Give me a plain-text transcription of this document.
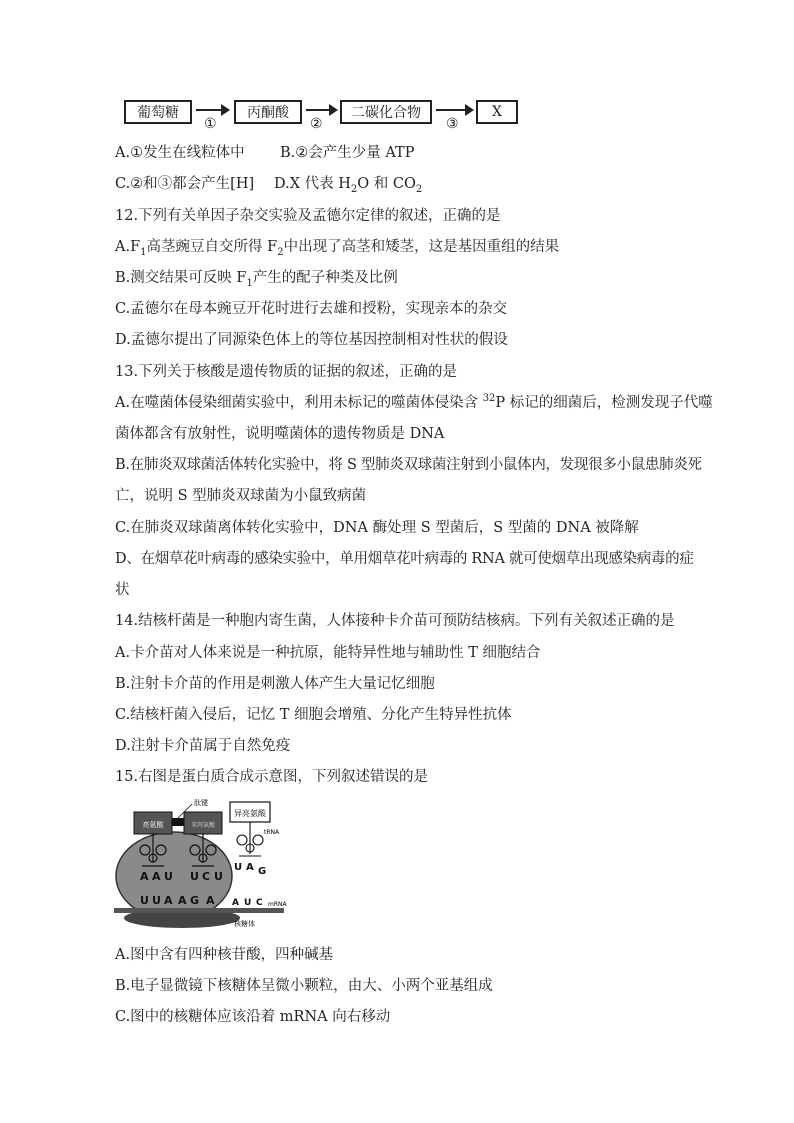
葡萄糖
①
丙酮酸
②
二碳化合物
③
X
A.①发生在线粒体中 B.②会产生少量 ATP
C.②和③都会产生[H] D.X 代表 $H_2O$ 和 $CO_2$
12.下列有关单因子杂交实验及孟德尔定律的叙述，正确的是
$A.F_1$高茎豌豆自交所得 $F_2$中出现了高茎和矮茎，这是基因重组的结果
B.测交结果可反映 $F_1$产生的配子种类及比例
C.孟德尔在母本豌豆开花时进行去雄和授粉，实现亲本的杂交
D.孟德尔提出了同源染色体上的等位基因控制相对性状的假设
13.下列关于核酸是遗传物质的证据的叙述，正确的是
A.在噬菌体侵染细菌实验中，利用未标记的噬菌体侵染含 $^{32}$P 标记的细菌后，检测发现子代噬
菌体都含有放射性，说明噬菌体的遗传物质是 DNA
B.在肺炎双球菌活体转化实验中，将 S 型肺炎双球菌注射到小鼠体内，发现很多小鼠患肺炎死
亡，说明 S 型肺炎双球菌为小鼠致病菌
C.在肺炎双球菌离体转化实验中，DNA 酶处理 S 型菌后，S 型菌的 DNA 被降解
D、在烟草花叶病毒的感染实验中，单用烟草花叶病毒的 RNA 就可使烟草出现感染病毒的症
状
14.结核杆菌是一种胞内寄生菌，人体接种卡介苗可预防结核病。下列有关叙述正确的是
A.卡介苗对人体来说是一种抗原，能特异性地与辅助性 T 细胞结合
B.注射卡介苗的作用是刺激人体产生大量记忆细胞
C.结核杆菌入侵后，记忆 T 细胞会增殖、分化产生特异性抗体
D.注射卡介苗属于自然免疫
15.右图是蛋白质合成示意图，下列叙述错误的是
亮氨酸	苯丙氨酸
肽键
A A U U C U
U U A A G A A U C mRNA
核糖体
异亮氨酸
tRNA
U A G
A.图中含有四种核苷酸，四种碱基
B.电子显微镜下核糖体呈微小颗粒，由大、小两个亚基组成
C.图中的核糖体应该沿着 mRNA 向右移动
